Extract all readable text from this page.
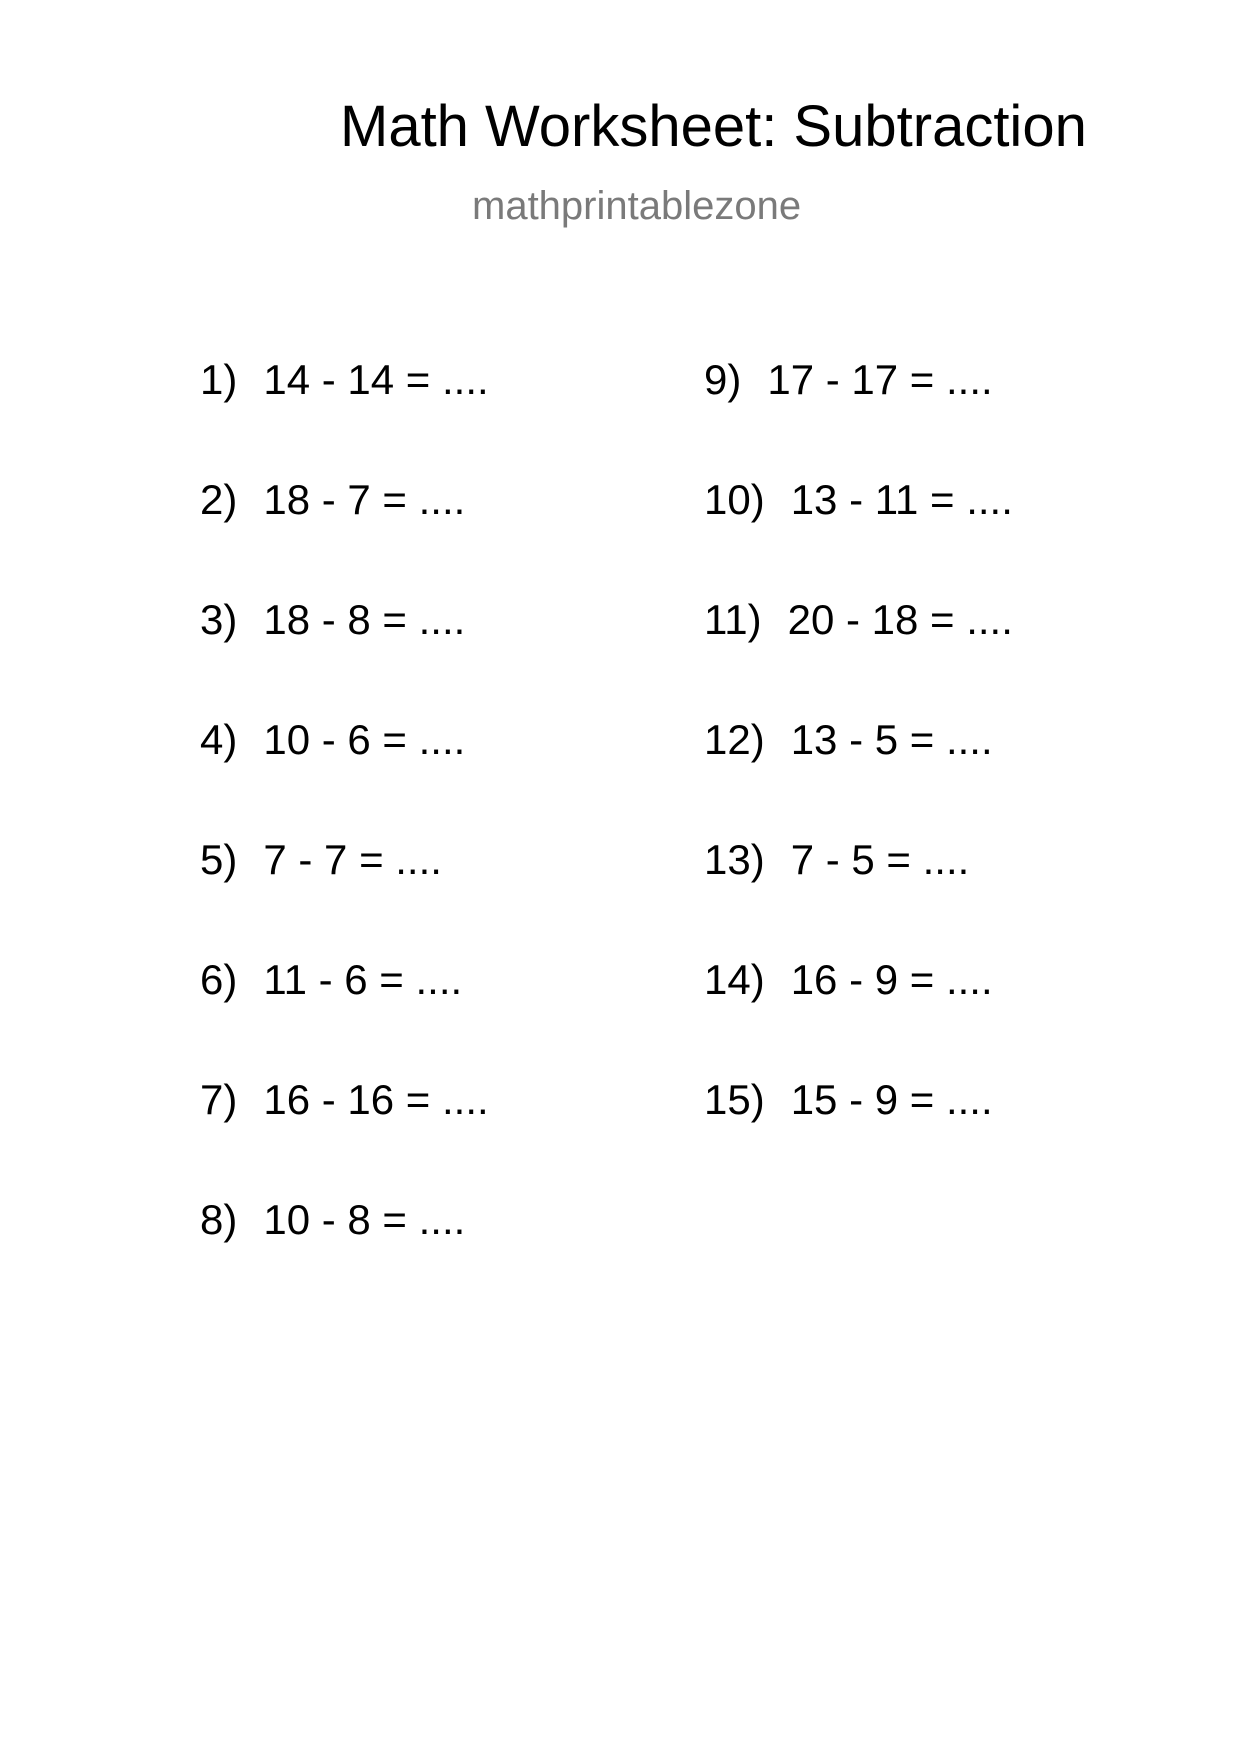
Math Worksheet: Subtraction
mathprintablezone
1) 14 - 14 = ....
2) 18 - 7 = ....
3) 18 - 8 = ....
4) 10 - 6 = ....
5) 7 - 7 = ....
6) 11 - 6 = ....
7) 16 - 16 = ....
8) 10 - 8 = ....
9) 17 - 17 = ....
10) 13 - 11 = ....
11) 20 - 18 = ....
12) 13 - 5 = ....
13) 7 - 5 = ....
14) 16 - 9 = ....
15) 15 - 9 = ....
